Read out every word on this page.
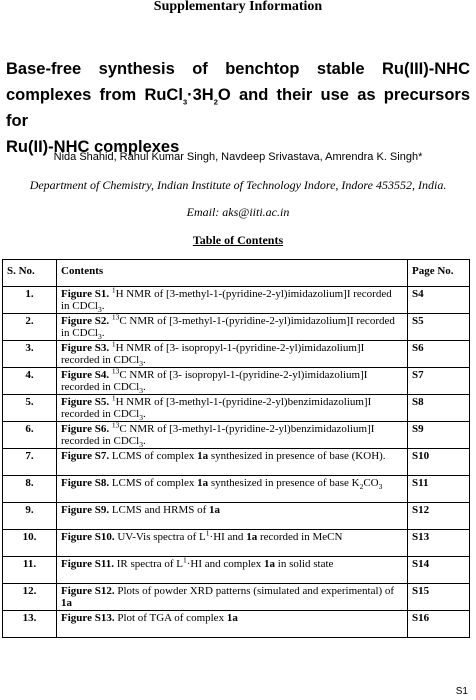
Supplementary Information
Base-free synthesis of benchtop stable Ru(III)-NHC
complexes from $RuCl_3\cdot 3H_2O$ and their use as precursors for
Ru(II)-NHC complexes
Nida Shahid, Rahul Kumar Singh, Navdeep Srivastava, Amrendra K. Singh*
Department of Chemistry, Indian Institute of Technology Indore, Indore 453552, India.
Email: aks@iiti.ac.in
Table of Contents
S. No.	Contents	Page No.
1.	Figure S1. $^1$H NMR of [3-methyl-1-(pyridine-2-yl)imidazolium]I recorded in CDCl$_3$.	S4
2.	Figure S2. $^{13}$C NMR of [3-methyl-1-(pyridine-2-yl)imidazolium]I recorded in CDCl$_3$.	S5
3.	Figure S3. $^1$H NMR of [3- isopropyl-1-(pyridine-2-yl)imidazolium]I recorded in CDCl$_3$.	S6
4.	Figure S4. $^{13}$C NMR of [3- isopropyl-1-(pyridine-2-yl)imidazolium]I recorded in CDCl$_3$.	S7
5.	Figure S5. $^1$H NMR of [3-methyl-1-(pyridine-2-yl)benzimidazolium]I recorded in CDCl$_3$.	S8
6.	Figure S6. $^{13}$C NMR of [3-methyl-1-(pyridine-2-yl)benzimidazolium]I recorded in CDCl$_3$.	S9
7.	Figure S7. LCMS of complex 1a synthesized in presence of base (KOH).	S10
8.	Figure S8. LCMS of complex 1a synthesized in presence of base $K_2CO_3$	S11
9.	Figure S9. LCMS and HRMS of 1a	S12
10.	Figure S10. UV-Vis spectra of $L^1\cdot HI$ and 1a recorded in MeCN	S13
11.	Figure S11. IR spectra of $L^1\cdot HI$ and complex 1a in solid state	S14
12.	Figure S12. Plots of powder XRD patterns (simulated and experimental) of 1a	S15
13.	Figure S13. Plot of TGA of complex 1a	S16
S1
